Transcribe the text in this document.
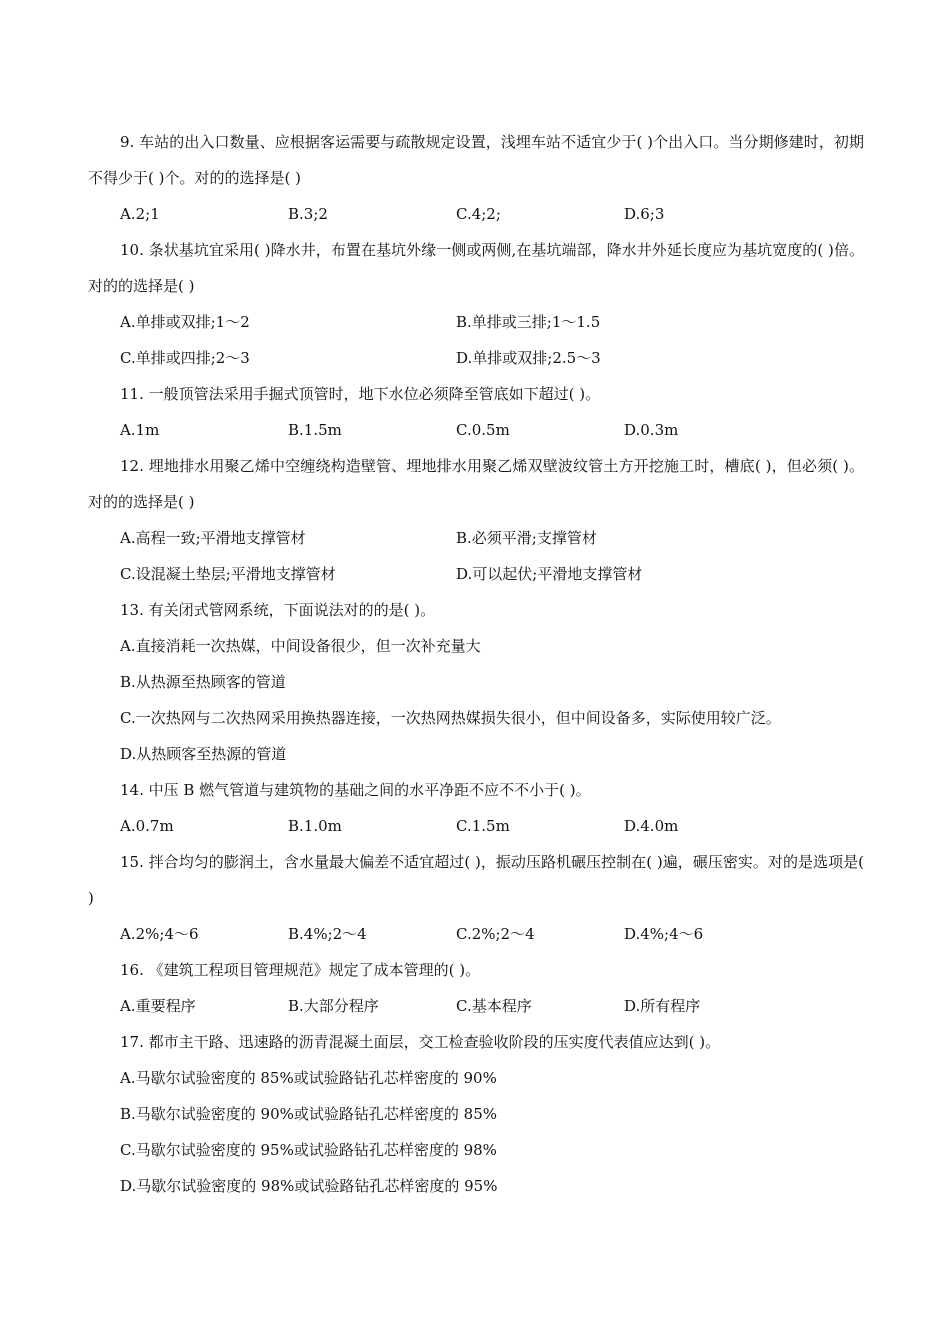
9. 车站的出入口数量、应根据客运需要与疏散规定设置，浅埋车站不适宜少于( )个出入口。当分期修建时，初期不得少于( )个。对的的选择是( )

A.2;1	B.3;2	C.4;2;	D.6;3

10. 条状基坑宜采用( )降水井，布置在基坑外缘一侧或两侧,在基坑端部，降水井外延长度应为基坑宽度的( )倍。对的的选择是( )

A.单排或双排;1～2	B.单排或三排;1～1.5
C.单排或四排;2～3	D.单排或双排;2.5～3

11. 一般顶管法采用手掘式顶管时，地下水位必须降至管底如下超过( )。

A.1m	B.1.5m	C.0.5m	D.0.3m

12. 埋地排水用聚乙烯中空缠绕构造壁管、埋地排水用聚乙烯双壁波纹管土方开挖施工时，槽底( )，但必须( )。对的的选择是( )

A.高程一致;平滑地支撑管材	B.必须平滑;支撑管材
C.设混凝土垫层;平滑地支撑管材	D.可以起伏;平滑地支撑管材

13. 有关闭式管网系统，下面说法对的的是( )。

A.直接消耗一次热媒，中间设备很少，但一次补充量大

B.从热源至热顾客的管道

C.一次热网与二次热网采用换热器连接，一次热网热媒损失很小，但中间设备多，实际使用较广泛。

D.从热顾客至热源的管道

14. 中压 B 燃气管道与建筑物的基础之间的水平净距不应不不小于( )。

A.0.7m	B.1.0m	C.1.5m	D.4.0m

15. 拌合均匀的膨润土，含水量最大偏差不适宜超过( )，振动压路机碾压控制在( )遍，碾压密实。对的是选项是( )

A.2%;4～6	B.4%;2～4	C.2%;2～4	D.4%;4～6

16. 《建筑工程项目管理规范》规定了成本管理的( )。

A.重要程序	B.大部分程序	C.基本程序	D.所有程序

17. 都市主干路、迅速路的沥青混凝土面层，交工检查验收阶段的压实度代表值应达到( )。

A.马歇尔试验密度的 85%或试验路钻孔芯样密度的 90%

B.马歇尔试验密度的 90%或试验路钻孔芯样密度的 85%

C.马歇尔试验密度的 95%或试验路钻孔芯样密度的 98%

D.马歇尔试验密度的 98%或试验路钻孔芯样密度的 95%
